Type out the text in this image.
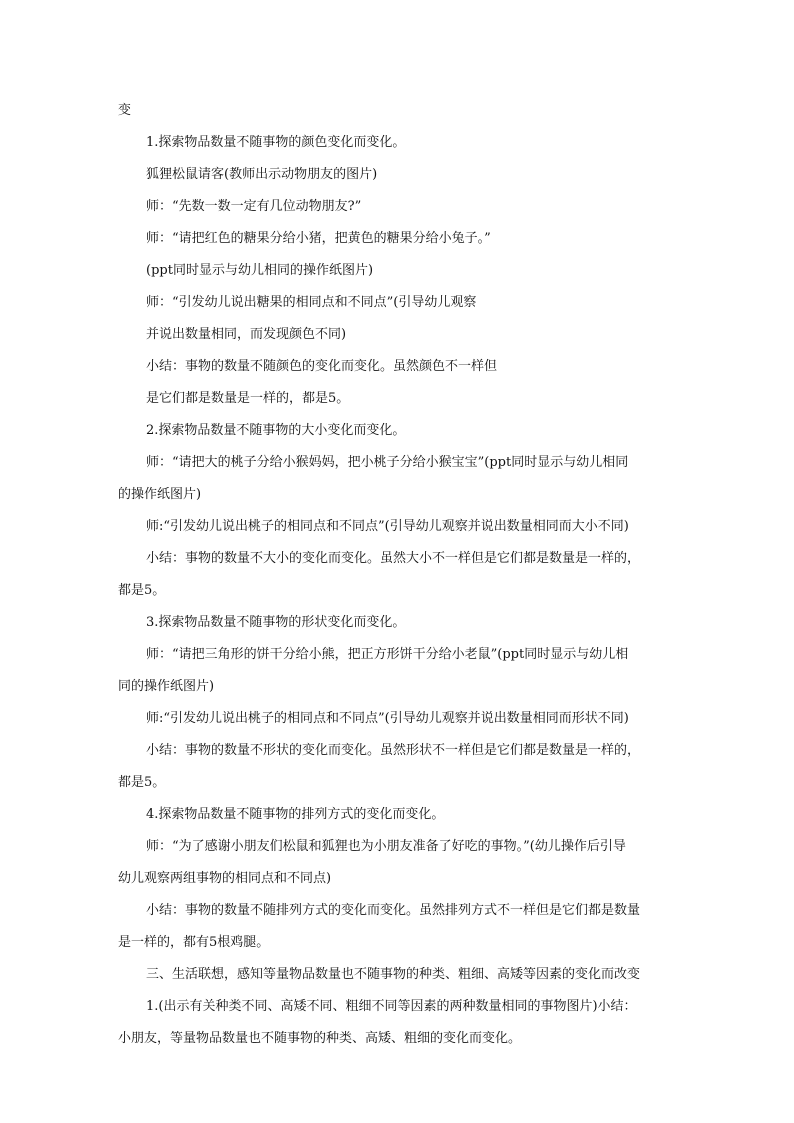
变
1.探索物品数量不随事物的颜色变化而变化。
狐狸松鼠请客(教师出示动物朋友的图片)
师：“先数一数一定有几位动物朋友?”
师：“请把红色的糖果分给小猪，把黄色的糖果分给小兔子。”
(ppt同时显示与幼儿相同的操作纸图片)
师：“引发幼儿说出糖果的相同点和不同点”(引导幼儿观察
并说出数量相同，而发现颜色不同)
小结：事物的数量不随颜色的变化而变化。虽然颜色不一样但
是它们都是数量是一样的，都是5。
2.探索物品数量不随事物的大小变化而变化。
师：“请把大的桃子分给小猴妈妈，把小桃子分给小猴宝宝”(ppt同时显示与幼儿相同
的操作纸图片)
师:“引发幼儿说出桃子的相同点和不同点”(引导幼儿观察并说出数量相同而大小不同)
小结：事物的数量不大小的变化而变化。虽然大小不一样但是它们都是数量是一样的，
都是5。
3.探索物品数量不随事物的形状变化而变化。
师：“请把三角形的饼干分给小熊，把正方形饼干分给小老鼠”(ppt同时显示与幼儿相
同的操作纸图片)
师:“引发幼儿说出桃子的相同点和不同点”(引导幼儿观察并说出数量相同而形状不同)
小结：事物的数量不形状的变化而变化。虽然形状不一样但是它们都是数量是一样的，
都是5。
4.探索物品数量不随事物的排列方式的变化而变化。
师：“为了感谢小朋友们松鼠和狐狸也为小朋友准备了好吃的事物。”(幼儿操作后引导
幼儿观察两组事物的相同点和不同点)
小结：事物的数量不随排列方式的变化而变化。虽然排列方式不一样但是它们都是数量
是一样的，都有5根鸡腿。
三、生活联想，感知等量物品数量也不随事物的种类、粗细、高矮等因素的变化而改变
1.(出示有关种类不同、高矮不同、粗细不同等因素的两种数量相同的事物图片)小结：
小朋友，等量物品数量也不随事物的种类、高矮、粗细的变化而变化。
